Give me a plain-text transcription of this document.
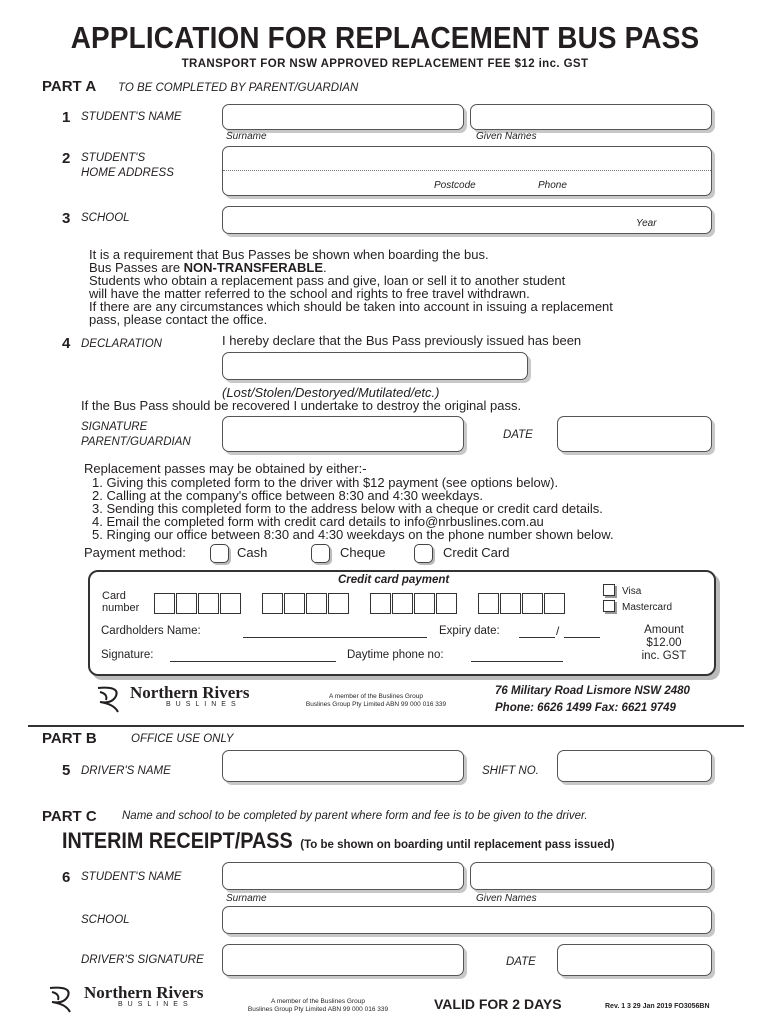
APPLICATION FOR REPLACEMENT BUS PASS
TRANSPORT FOR NSW APPROVED REPLACEMENT FEE $12 inc. GST
PART A TO BE COMPLETED BY PARENT/GUARDIAN
1 STUDENT'S NAME
Surname	Given Names
2 STUDENT'S
HOME ADDRESS
Postcode	Phone
3 SCHOOL	Year
It is a requirement that Bus Passes be shown when boarding the bus.
Bus Passes are NON-TRANSFERABLE.
Students who obtain a replacement pass and give, loan or sell it to another student
will have the matter referred to the school and rights to free travel withdrawn.
If there are any circumstances which should be taken into account in issuing a replacement
pass, please contact the office.
4 DECLARATION	I hereby declare that the Bus Pass previously issued has been
(Lost/Stolen/Destoryed/Mutilated/etc.)
If the Bus Pass should be recovered I undertake to destroy the original pass.
SIGNATURE
PARENT/GUARDIAN
DATE
Replacement passes may be obtained by either:-
1. Giving this completed form to the driver with $12 payment (see options below).
2. Calling at the company's office between 8:30 and 4:30 weekdays.
3. Sending this completed form to the address below with a cheque or credit card details.
4. Email the completed form with credit card details to info@nrbuslines.com.au
5. Ringing our office between 8:30 and 4:30 weekdays on the phone number shown below.
Payment method:	Cash	Cheque	Credit Card
Credit card payment
Card
number
Visa
Mastercard
Cardholders Name:	Expiry date:	/	Amount
$12.00
inc. GST
Signature:	Daytime phone no:
Northern Rivers
BUSLINES
A member of the Buslines Group
Buslines Group Pty Limited ABN 99 000 016 339
76 Military Road Lismore NSW 2480
Phone: 6626 1499 Fax: 6621 9749
PART B	OFFICE USE ONLY
5 DRIVER'S NAME	SHIFT NO.
PART C Name and school to be completed by parent where form and fee is to be given to the driver.
INTERIM RECEIPT/PASS (To be shown on boarding until replacement pass issued)
6 STUDENT'S NAME
Surname	Given Names
SCHOOL
DRIVER'S SIGNATURE	DATE
Northern Rivers
BUSLINES	A member of the Buslines Group
Buslines Group Pty Limited ABN 99 000 016 339	VALID FOR 2 DAYS	Rev. 1 3 29 Jan 2019 FO3056BN
